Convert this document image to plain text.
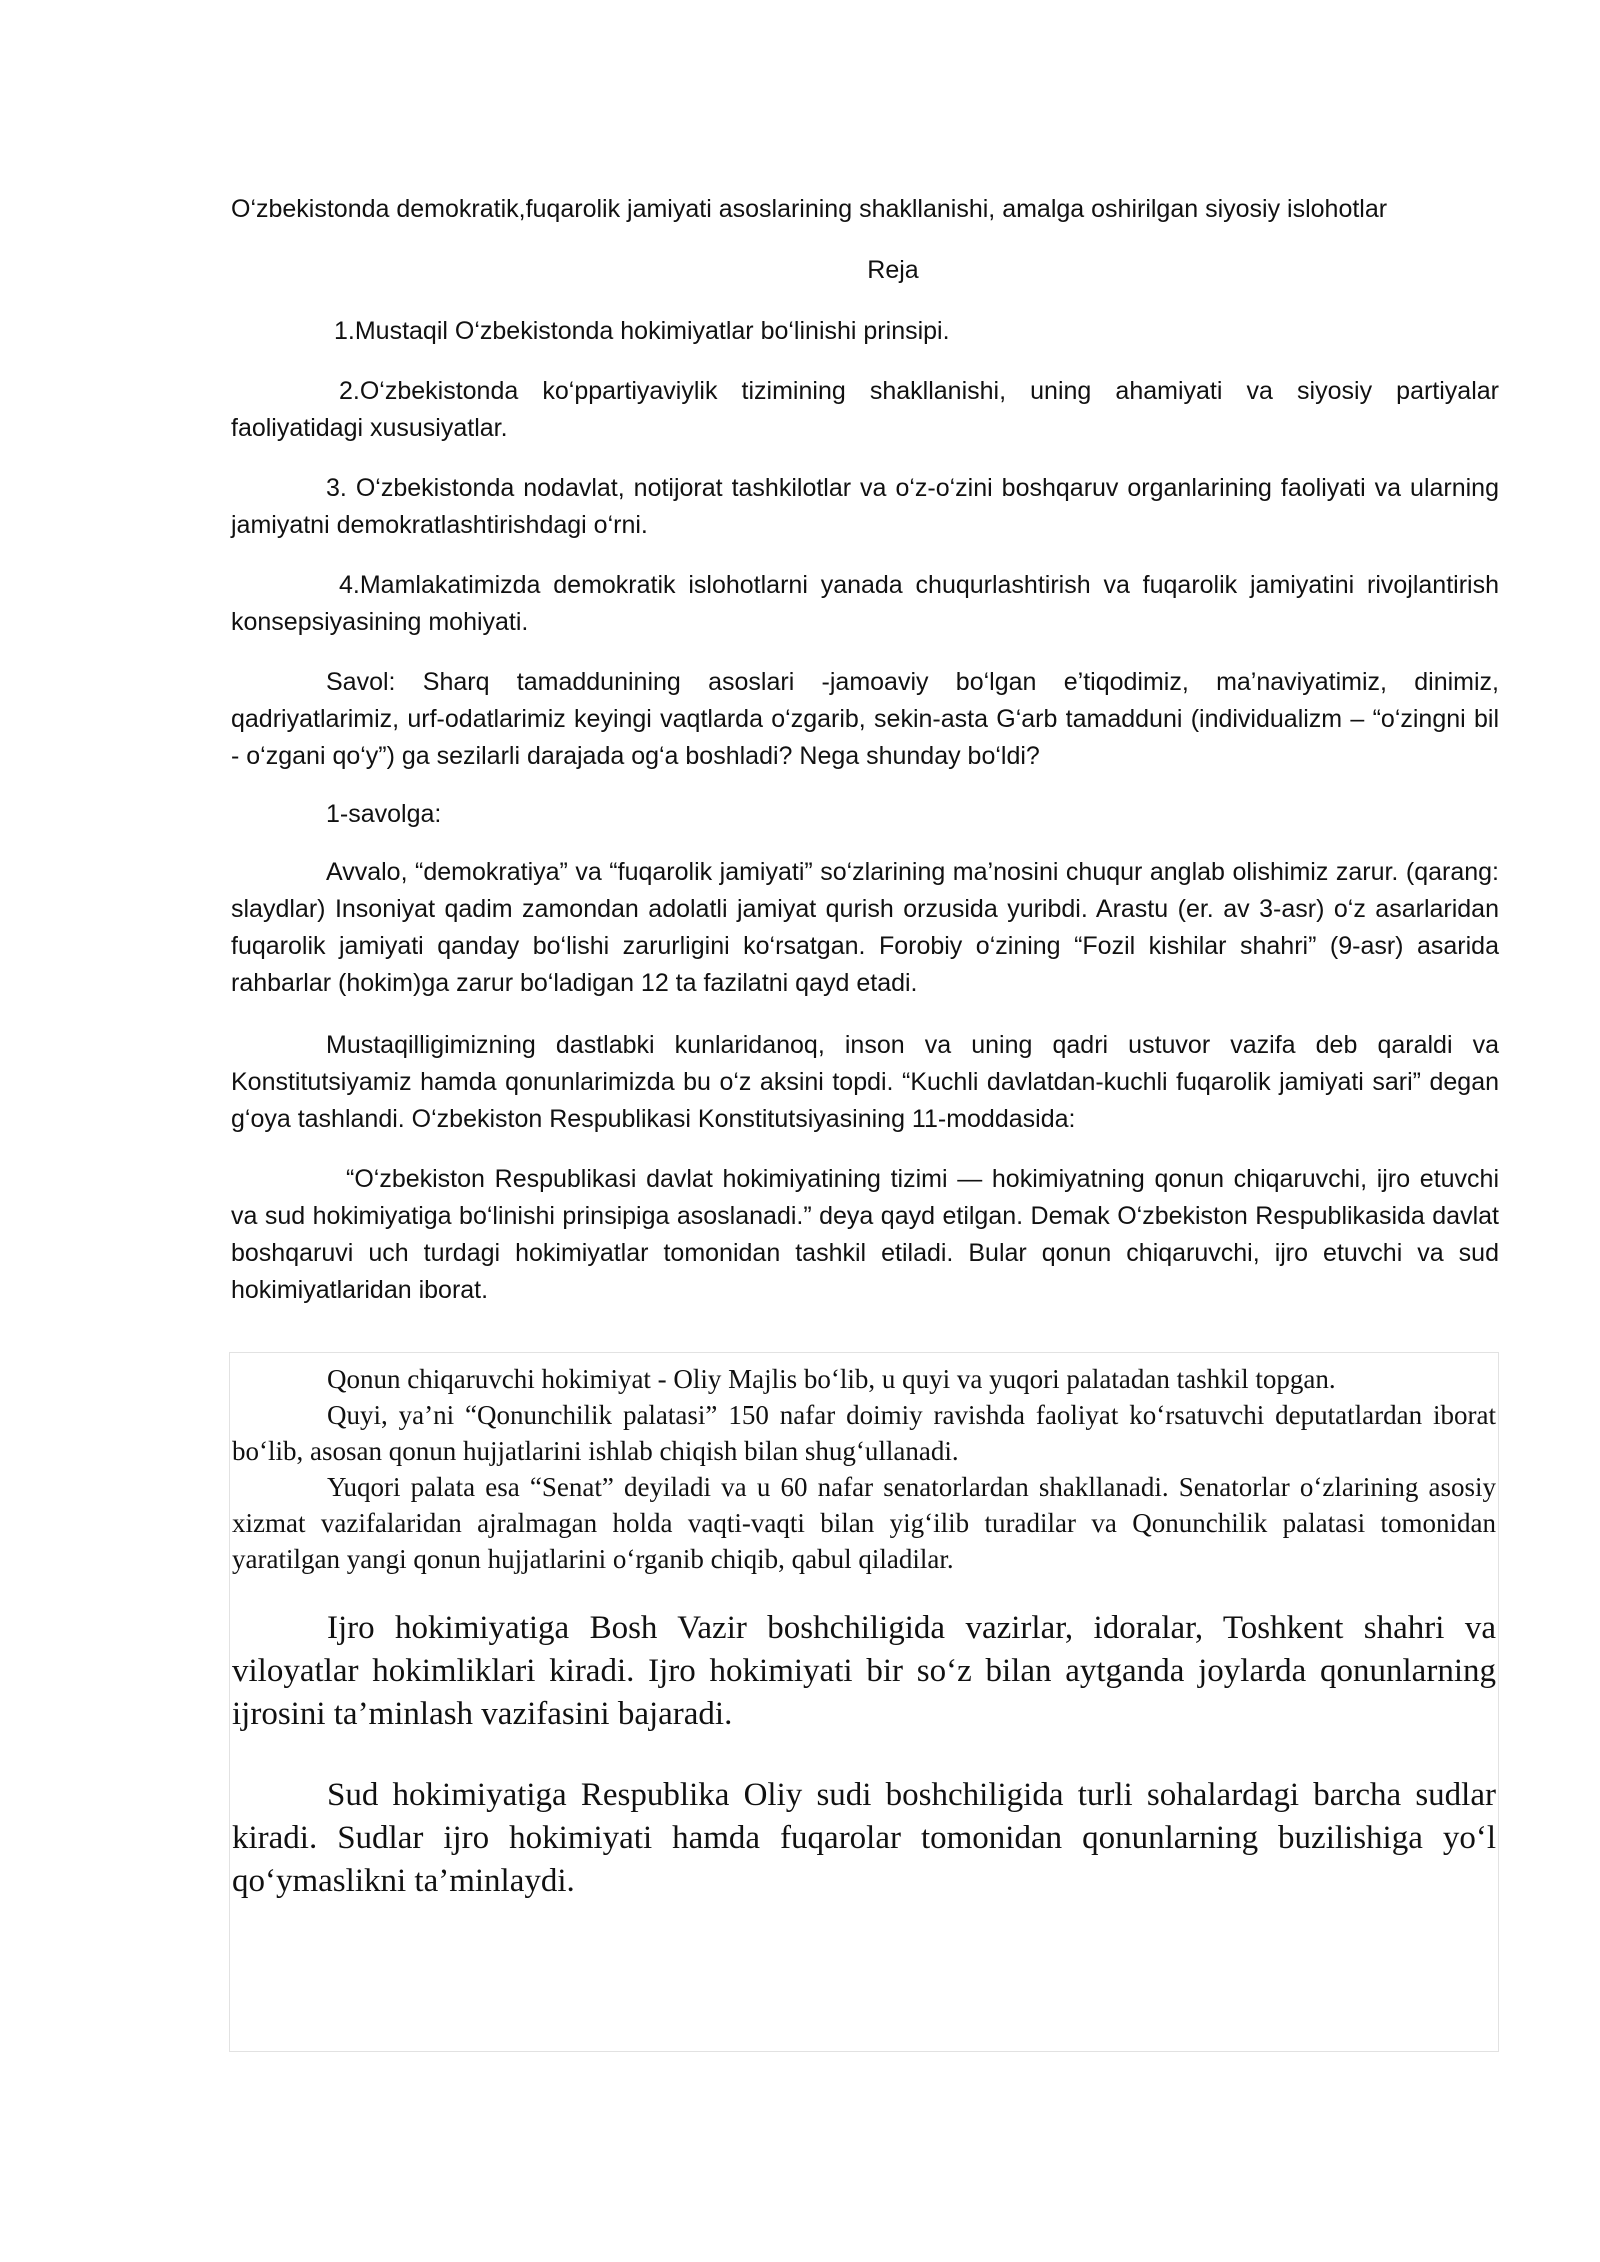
O‘zbekistonda demokratik,fuqarolik jamiyati asoslarining shakllanishi, amalga oshirilgan siyosiy islohotlar

Reja

1.Mustaqil O‘zbekistonda hokimiyatlar bo‘linishi prinsipi.

2.O‘zbekistonda ko‘ppartiyaviylik tizimining shakllanishi, uning ahamiyati va siyosiy partiyalar faoliyatidagi xususiyatlar.

3. O‘zbekistonda nodavlat, notijorat tashkilotlar va o‘z-o‘zini boshqaruv organlarining faoliyati va ularning jamiyatni demokratlashtirishdagi o‘rni.

4.Mamlakatimizda demokratik islohotlarni yanada chuqurlashtirish va fuqarolik jamiyatini rivojlantirish konsepsiyasining mohiyati.

Savol: Sharq tamaddunining asoslari -jamoaviy bo‘lgan e’tiqodimiz, ma’naviyatimiz, dinimiz, qadriyatlarimiz, urf-odatlarimiz keyingi vaqtlarda o‘zgarib, sekin-asta G‘arb tamadduni (individualizm – “o‘zingni bil - o‘zgani qo‘y”) ga sezilarli darajada og‘a boshladi? Nega shunday bo‘ldi?

1-savolga:

Avvalo, “demokratiya” va “fuqarolik jamiyati” so‘zlarining ma’nosini chuqur anglab olishimiz zarur. (qarang: slaydlar) Insoniyat qadim zamondan adolatli jamiyat qurish orzusida yuribdi. Arastu (er. av 3-asr) o‘z asarlaridan fuqarolik jamiyati qanday bo‘lishi zarurligini ko‘rsatgan. Forobiy o‘zining “Fozil kishilar shahri” (9-asr) asarida rahbarlar (hokim)ga zarur bo‘ladigan 12 ta fazilatni qayd etadi.

Mustaqilligimizning dastlabki kunlaridanoq, inson va uning qadri ustuvor vazifa deb qaraldi va Konstitutsiyamiz hamda qonunlarimizda bu o‘z aksini topdi. “Kuchli davlatdan-kuchli fuqarolik jamiyati sari” degan g‘oya tashlandi. O‘zbekiston Respublikasi Konstitutsiyasining 11-moddasida:

“O‘zbekiston Respublikasi davlat hokimiyatining tizimi — hokimiyatning qonun chiqaruvchi, ijro etuvchi va sud hokimiyatiga bo‘linishi prinsipiga asoslanadi.” deya qayd etilgan. Demak O‘zbekiston Respublikasida davlat boshqaruvi uch turdagi hokimiyatlar tomonidan tashkil etiladi. Bular qonun chiqaruvchi, ijro etuvchi va sud hokimiyatlaridan iborat.

Qonun chiqaruvchi hokimiyat - Oliy Majlis bo‘lib, u quyi va yuqori palatadan tashkil topgan.

Quyi, ya’ni “Qonunchilik palatasi” 150 nafar doimiy ravishda faoliyat ko‘rsatuvchi deputatlardan iborat bo‘lib, asosan qonun hujjatlarini ishlab chiqish bilan shug‘ullanadi.

Yuqori palata esa “Senat” deyiladi va u 60 nafar senatorlardan shakllanadi. Senatorlar o‘zlarining asosiy xizmat vazifalaridan ajralmagan holda vaqti-vaqti bilan yig‘ilib turadilar va Qonunchilik palatasi tomonidan yaratilgan yangi qonun hujjatlarini o‘rganib chiqib, qabul qiladilar.

Ijro hokimiyatiga Bosh Vazir boshchiligida vazirlar, idoralar, Toshkent shahri va viloyatlar hokimliklari kiradi. Ijro hokimiyati bir so‘z bilan aytganda joylarda qonunlarning ijrosini ta’minlash vazifasini bajaradi.

Sud hokimiyatiga Respublika Oliy sudi boshchiligida turli sohalardagi barcha sudlar kiradi. Sudlar ijro hokimiyati hamda fuqarolar tomonidan qonunlarning buzilishiga yo‘l qo‘ymaslikni ta’minlaydi.
